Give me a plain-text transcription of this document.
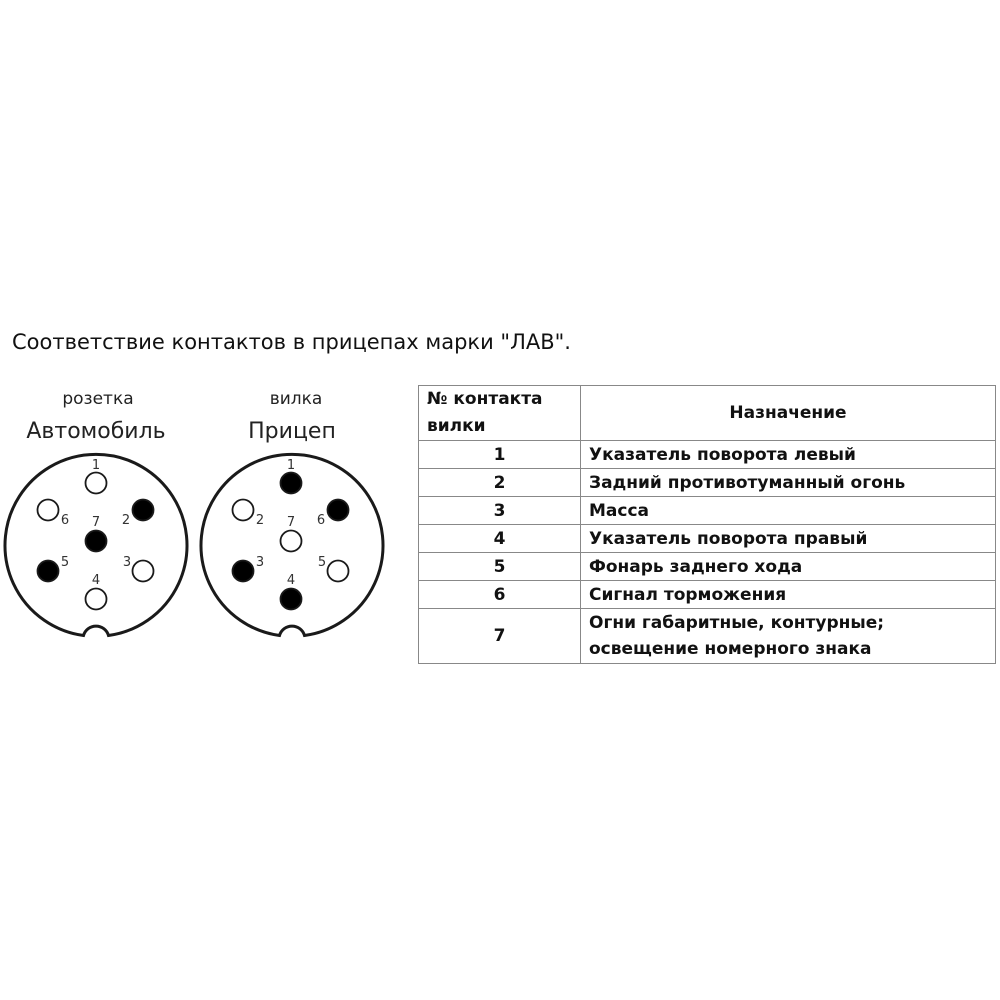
Соответствие контактов в прицепах марки "ЛАВ".
розетка
Автомобиль
1
2
3
4
5
6 7
вилка
Прицеп
1
6
5
4
3
2 7
№ контакта вилки	Назначение
1	Указатель поворота левый
2	Задний противотуманный огонь
3	Масса
4	Указатель поворота правый
5	Фонарь заднего хода
6	Сигнал торможения
7	Огни габаритные, контурные; освещение номерного знака
